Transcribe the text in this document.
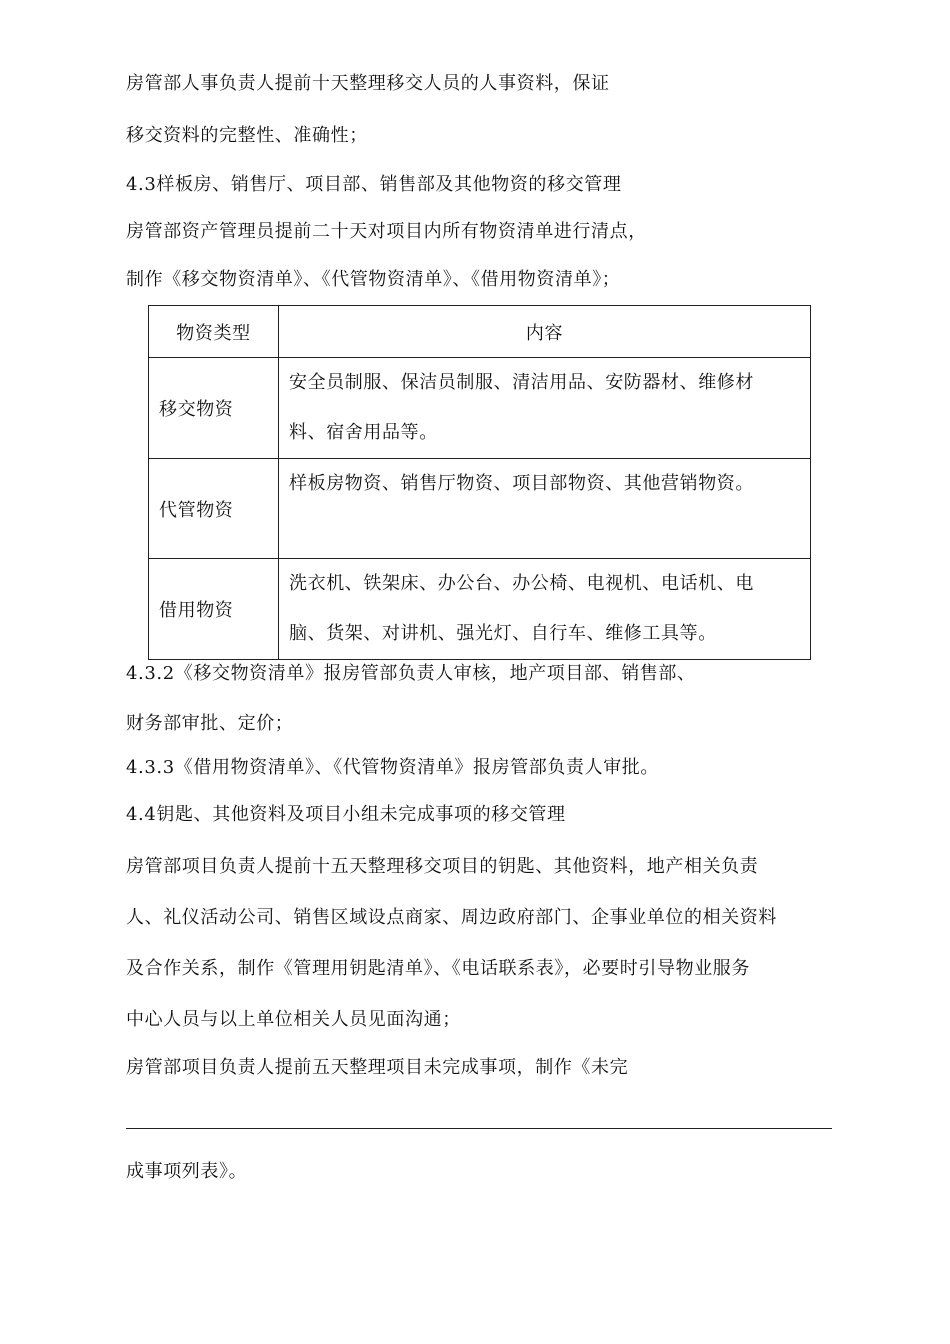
房管部人事负责人提前十天整理移交人员的人事资料，保证
移交资料的完整性、准确性；
4.3样板房、销售厅、项目部、销售部及其他物资的移交管理
房管部资产管理员提前二十天对项目内所有物资清单进行清点，
制作《移交物资清单》、《代管物资清单》、《借用物资清单》；
物资类型	内容
移交物资	安全员制服、保洁员制服、清洁用品、安防器材、维修材
料、宿舍用品等。

代管物资	样板房物资、销售厅物资、项目部物资、其他营销物资。

借用物资	洗衣机、铁架床、办公台、办公椅、电视机、电话机、电
脑、货架、对讲机、强光灯、自行车、维修工具等。
4.3.2《移交物资清单》报房管部负责人审核，地产项目部、销售部、
财务部审批、定价；
4.3.3《借用物资清单》、《代管物资清单》报房管部负责人审批。
4.4钥匙、其他资料及项目小组未完成事项的移交管理
房管部项目负责人提前十五天整理移交项目的钥匙、其他资料，地产相关负责
人、礼仪活动公司、销售区域设点商家、周边政府部门、企事业单位的相关资料
及合作关系，制作《管理用钥匙清单》、《电话联系表》，必要时引导物业服务
中心人员与以上单位相关人员见面沟通；
房管部项目负责人提前五天整理项目未完成事项，制作《未完
成事项列表》。
